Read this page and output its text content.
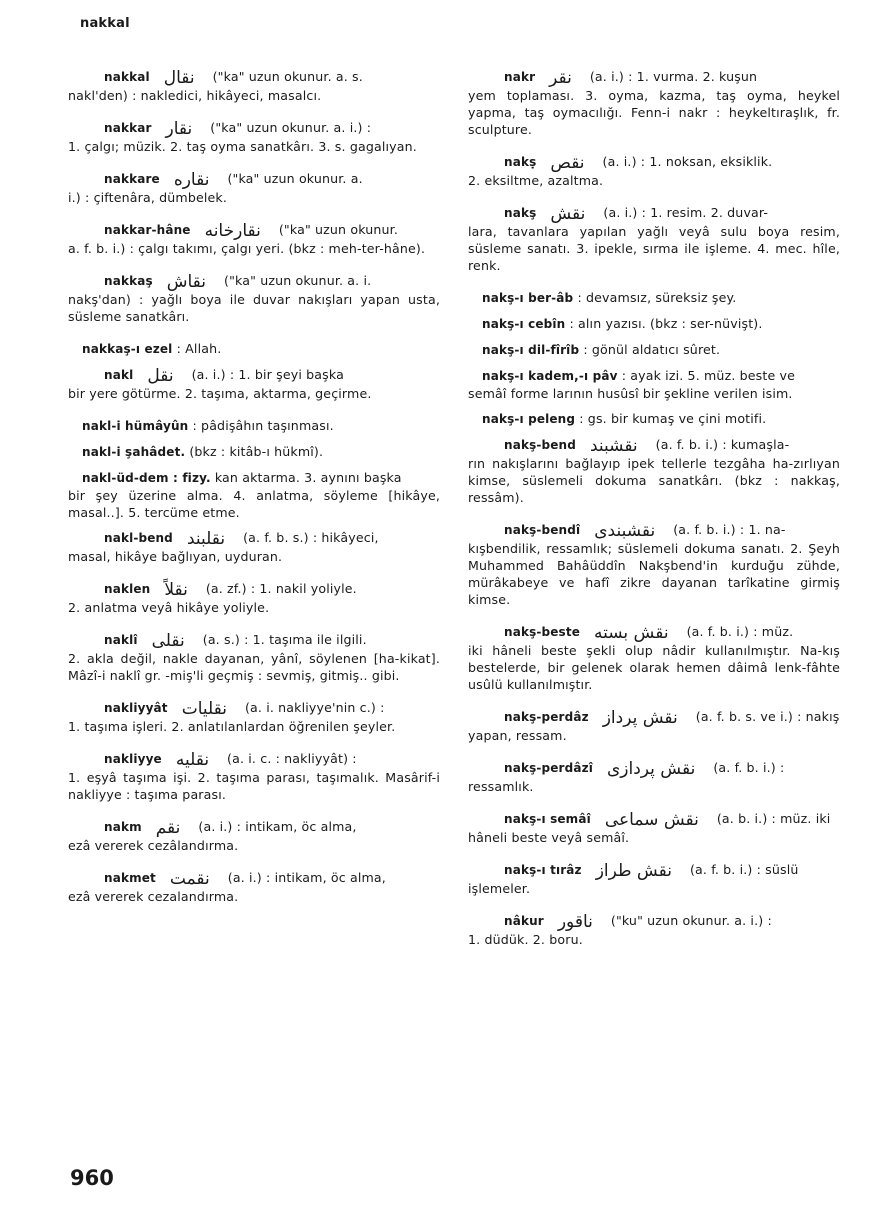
nakkal

nakkal نقال ("ka" uzun okunur. a. s.

nakl'den) : nakledici, hikâyeci, masalcı.

nakkar نقار ("ka" uzun okunur. a. i.) :

1. çalgı; müzik. 2. taş oyma sanatkârı. 3. s. gagalıyan.

nakkare نقاره ("ka" uzun okunur. a.

i.) : çiftenâra, dümbelek.

nakkar-hâne نقارخانه ("ka" uzun okunur.

a. f. b. i.) : çalgı takımı, çalgı yeri. (bkz : meh-ter-hâne).

nakkaş نقاش ("ka" uzun okunur. a. i.

nakş'dan) : yağlı boya ile duvar nakışları yapan usta, süsleme sanatkârı.

nakkaş-ı ezel : Allah.

nakl نقل (a. i.) : 1. bir şeyi başka

bir yere götürme. 2. taşıma, aktarma, geçirme.

nakl-i hümâyûn : pâdişâhın taşınması.

nakl-i şahâdet. (bkz : kitâb-ı hükmî).

nakl-üd-dem : fizy. kan aktarma. 3. aynını başka

bir şey üzerine alma. 4. anlatma, söyleme [hikâye, masal..]. 5. tercüme etme.

nakl-bend نقلبند (a. f. b. s.) : hikâyeci,

masal, hikâye bağlıyan, uyduran.

naklen نقلاً (a. zf.) : 1. nakil yoliyle.

2. anlatma veyâ hikâye yoliyle.

naklî نقلى (a. s.) : 1. taşıma ile ilgili.

2. akla değil, nakle dayanan, yânî, söylenen [ha-kikat]. Mâzî-i naklî gr. -miş'li geçmiş : sevmiş, gitmiş.. gibi.

nakliyyât نقليات (a. i. nakliyye'nin c.) :

1. taşıma işleri. 2. anlatılanlardan öğrenilen şeyler.

nakliyye نقليه (a. i. c. : nakliyyât) :

1. eşyâ taşıma işi. 2. taşıma parası, taşımalık. Masârif-i nakliyye : taşıma parası.

nakm نقم (a. i.) : intikam, öc alma,

ezâ vererek cezâlandırma.

nakmet نقمت (a. i.) : intikam, öc alma,

ezâ vererek cezalandırma.

nakr نقر (a. i.) : 1. vurma. 2. kuşun

yem toplaması. 3. oyma, kazma, taş oyma, heykel yapma, taş oymacılığı. Fenn-i nakr : heykeltıraşlık, fr. sculpture.

nakṣ نقص (a. i.) : 1. noksan, eksiklik.

2. eksiltme, azaltma.

nakş نقش (a. i.) : 1. resim. 2. duvar-

lara, tavanlara yapılan yağlı veyâ sulu boya resim, süsleme sanatı. 3. ipekle, sırma ile işleme. 4. mec. hîle, renk.

nakş-ı ber-âb : devamsız, süreksiz şey.

nakş-ı cebîn : alın yazısı. (bkz : ser-nüvişt).

nakş-ı dil-fîrîb : gönül aldatıcı sûret.

nakş-ı kadem,-ı pâv : ayak izi. 5. müz. beste ve

semâî forme larının husûsî bir şekline verilen isim.

nakş-ı peleng : gs. bir kumaş ve çini motifi.

nakş-bend نقشبند (a. f. b. i.) : kumaşla-

rın nakışlarını bağlayıp ipek tellerle tezgâha ha-zırlıyan kimse, süslemeli dokuma sanatkârı. (bkz : nakkaş, ressâm).

nakş-bendî نقشبندى (a. f. b. i.) : 1. na-

kışbendilik, ressamlık; süslemeli dokuma sanatı. 2. Şeyh Muhammed Bahâüddîn Nakşbend'in kurduğu zühde, mürâkabeye ve hafî zikre dayanan tarîkatine girmiş kimse.

nakş-beste نقش بسته (a. f. b. i.) : müz.

iki hâneli beste şekli olup nâdir kullanılmıştır. Na-kış bestelerde, bir gelenek olarak hemen dâimâ lenk-fâhte usûlü kullanılmıştır.

nakş-perdâz نقش پرداز (a. f. b. s. ve i.) : nakış

yapan, ressam.

nakş-perdâzî نقش پردازى (a. f. b. i.) :

ressamlık.

nakş-ı semâî نقش سماعى (a. b. i.) : müz. iki

hâneli beste veyâ semâî.

nakş-ı tırâz نقش طراز (a. f. b. i.) : süslü

işlemeler.

nâkur ناقور ("ku" uzun okunur. a. i.) :

1. düdük. 2. boru.

960
